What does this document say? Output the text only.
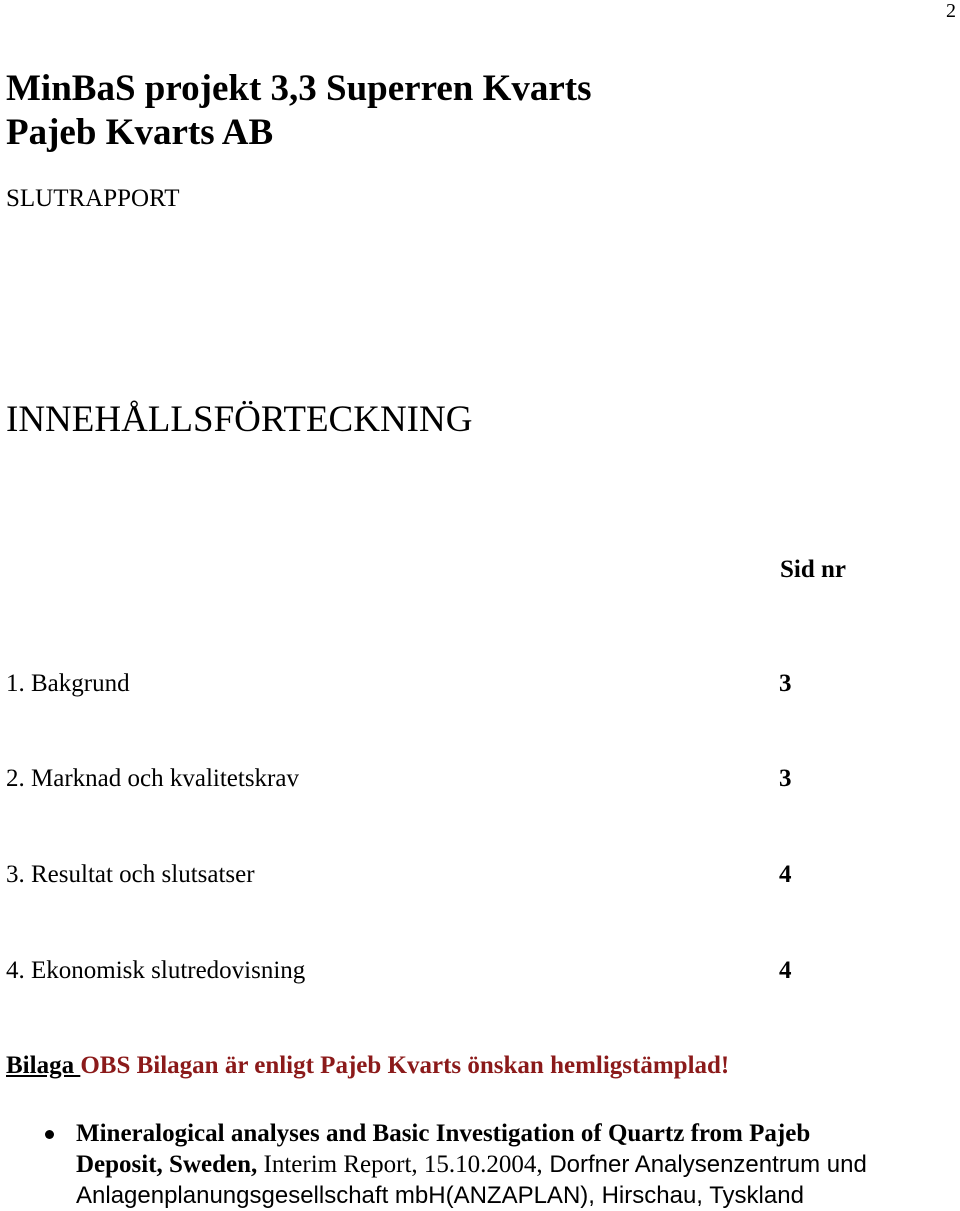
2
MinBaS projekt 3,3 Superren Kvarts
Pajeb Kvarts AB
SLUTRAPPORT
INNEHÅLLSFÖRTECKNING
Sid nr
1. Bakgrund	3
2. Marknad och kvalitetskrav	3
3. Resultat och slutsatser	4
4. Ekonomisk slutredovisning	4
Bilaga OBS Bilagan är enligt Pajeb Kvarts önskan hemligstämplad!
Mineralogical analyses and Basic Investigation of Quartz from Pajeb
Deposit, Sweden, Interim Report, 15.10.2004, Dorfner Analysenzentrum und
Anlagenplanungsgesellschaft mbH(ANZAPLAN), Hirschau, Tyskland
